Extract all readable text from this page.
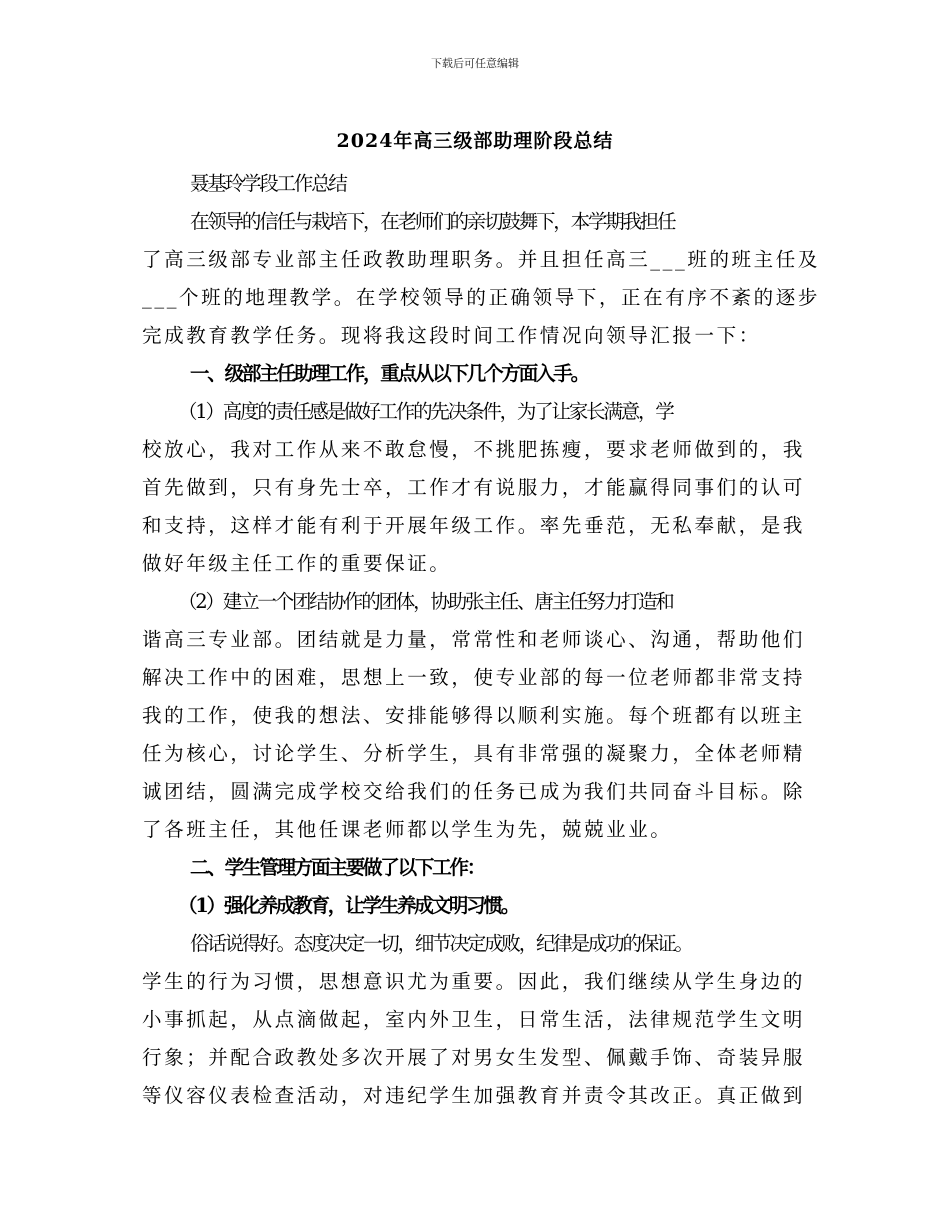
下载后可任意编辑
2024年高三级部助理阶段总结
聂基玲学段工作总结
在领导的信任与栽培下，在老师们的亲切鼓舞下，本学期我担任
了高三级部专业部主任政教助理职务。并且担任高三___班的班主任及
___个班的地理教学。在学校领导的正确领导下，正在有序不紊的逐步
完成教育教学任务。现将我这段时间工作情况向领导汇报一下：
一、级部主任助理工作，重点从以下几个方面入手。
（1）高度的责任感是做好工作的先决条件，为了让家长满意，学
校放心，我对工作从来不敢怠慢，不挑肥拣瘦，要求老师做到的，我
首先做到，只有身先士卒，工作才有说服力，才能赢得同事们的认可
和支持，这样才能有利于开展年级工作。率先垂范，无私奉献，是我
做好年级主任工作的重要保证。
（2）建立一个团结协作的团体，协助张主任、唐主任努力打造和
谐高三专业部。团结就是力量，常常性和老师谈心、沟通，帮助他们
解决工作中的困难，思想上一致，使专业部的每一位老师都非常支持
我的工作，使我的想法、安排能够得以顺利实施。每个班都有以班主
任为核心，讨论学生、分析学生，具有非常强的凝聚力，全体老师精
诚团结，圆满完成学校交给我们的任务已成为我们共同奋斗目标。除
了各班主任，其他任课老师都以学生为先，兢兢业业。
二、学生管理方面主要做了以下工作：
（1）强化养成教育，让学生养成文明习惯。
俗话说得好。态度决定一切，细节决定成败，纪律是成功的保证。
学生的行为习惯，思想意识尤为重要。因此，我们继续从学生身边的
小事抓起，从点滴做起，室内外卫生，日常生活，法律规范学生文明
行象；并配合政教处多次开展了对男女生发型、佩戴手饰、奇装异服
等仪容仪表检查活动，对违纪学生加强教育并责令其改正。真正做到
